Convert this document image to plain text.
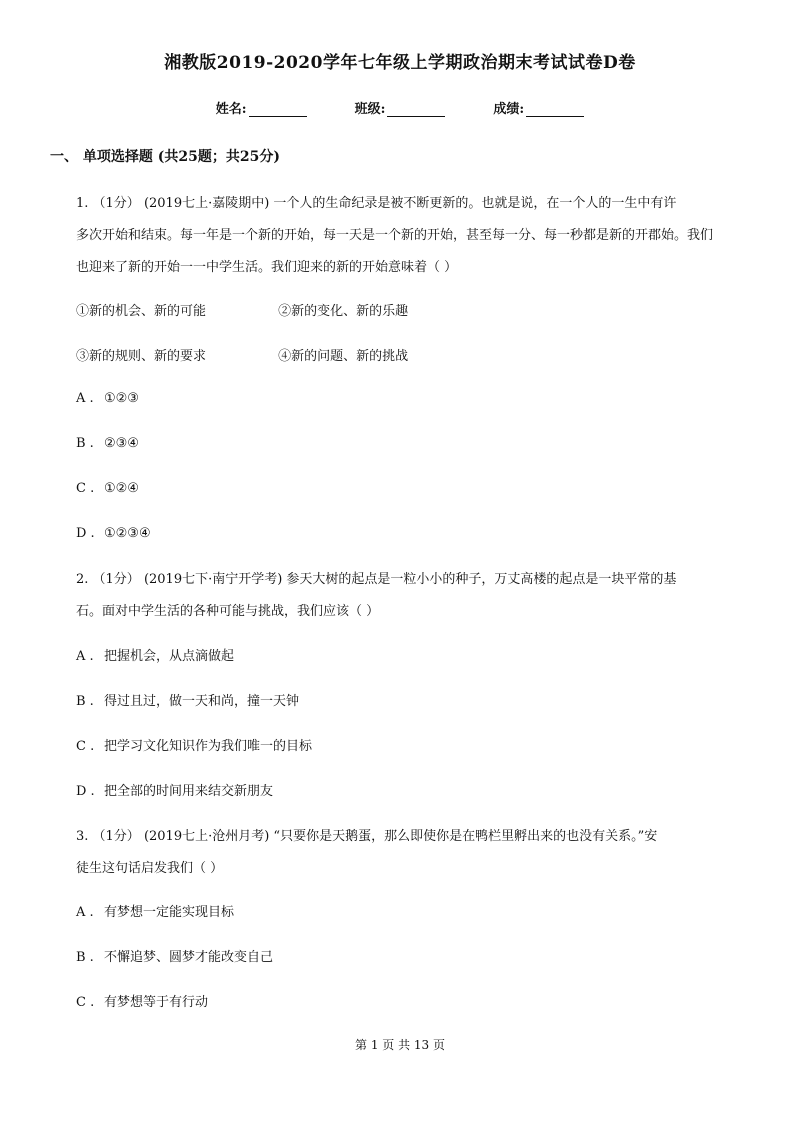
湘教版2019-2020学年七年级上学期政治期末考试试卷D卷
姓名:	班级:	成绩:
一、 单项选择题 (共25题；共25分)
1. （1分） (2019七上·嘉陵期中) 一个人的生命纪录是被不断更新的。也就是说，在一个人的一生中有许
多次开始和结束。每一年是一个新的开始，每一天是一个新的开始，甚至每一分、每一秒都是新的开郡始。我们
也迎来了新的开始一一中学生活。我们迎来的新的开始意味着（ ）
①新的机会、新的可能	②新的变化、新的乐趣
③新的规则、新的要求	④新的问题、新的挑战
A . ①②③
B . ②③④
C . ①②④
D . ①②③④
2. （1分） (2019七下·南宁开学考) 参天大树的起点是一粒小小的种子，万丈高楼的起点是一块平常的基
石。面对中学生活的各种可能与挑战，我们应该（ ）
A . 把握机会，从点滴做起
B . 得过且过，做一天和尚，撞一天钟
C . 把学习文化知识作为我们唯一的目标
D . 把全部的时间用来结交新朋友
3. （1分） (2019七上·沧州月考) “只要你是天鹅蛋，那么即使你是在鸭栏里孵出来的也没有关系。”安
徒生这句话启发我们（ ）
A . 有梦想一定能实现目标
B . 不懈追梦、圆梦才能改变自己
C . 有梦想等于有行动
第 1 页 共 13 页
